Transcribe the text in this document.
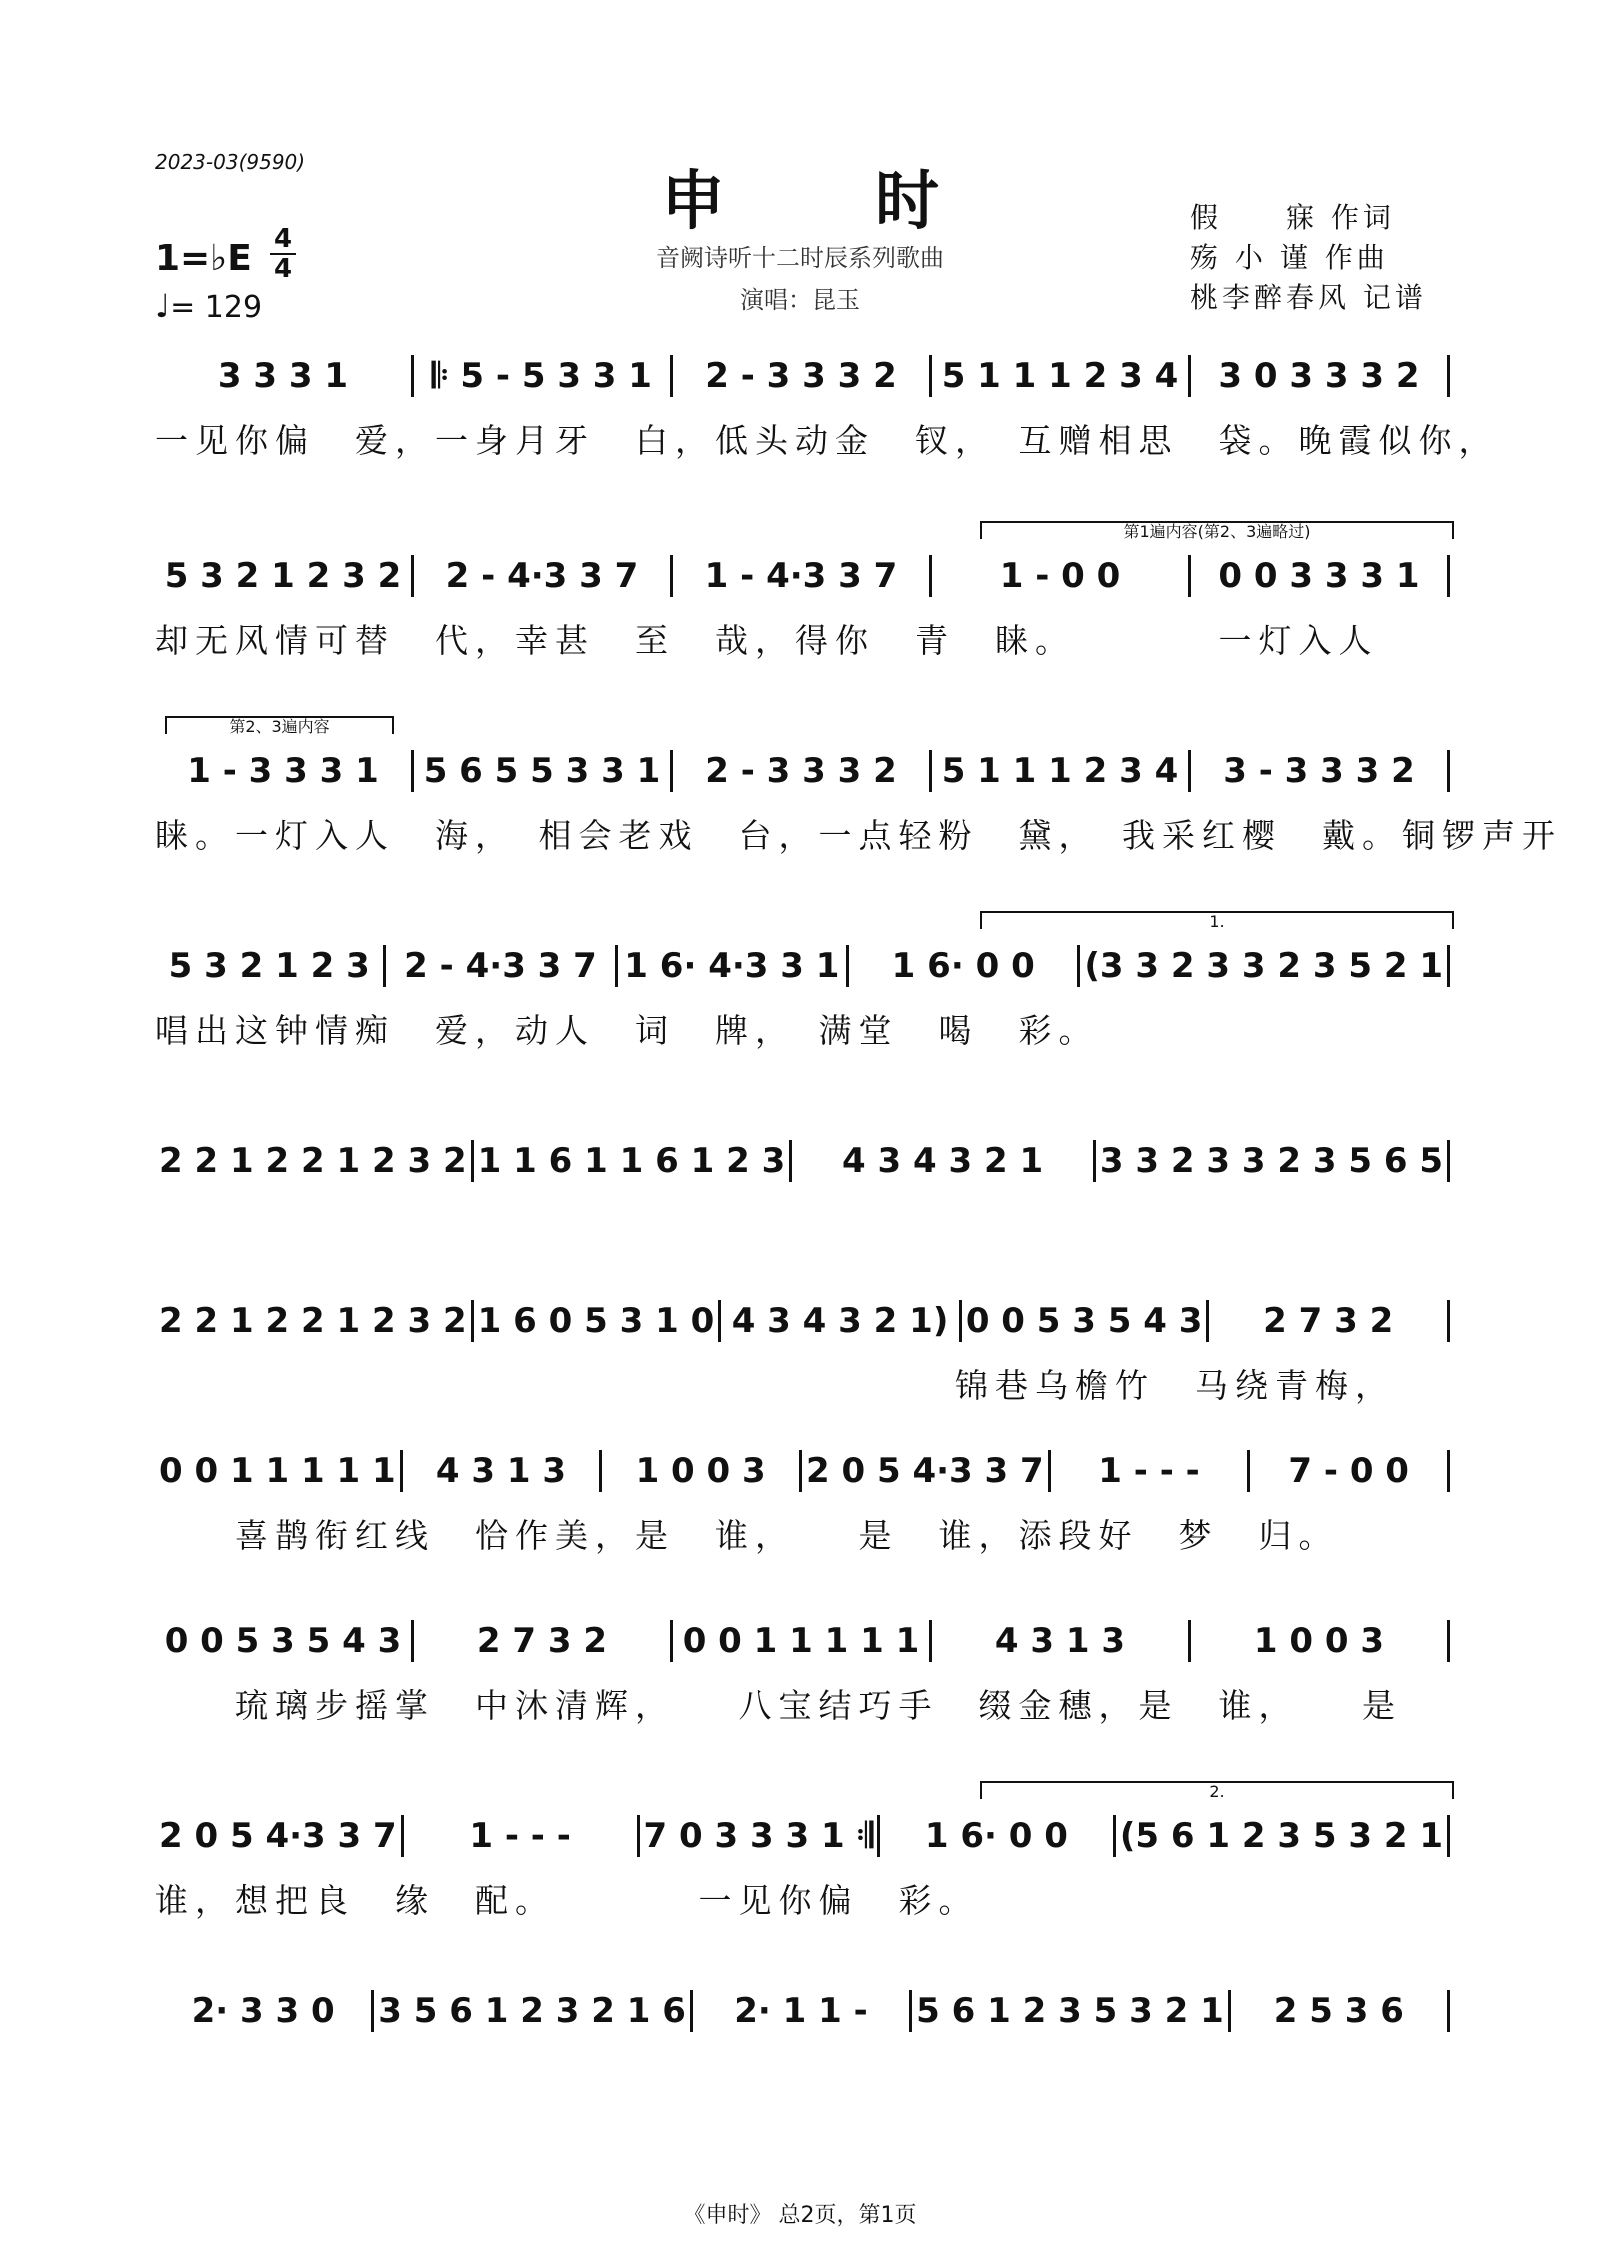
2023-03(9590)
申时
音阙诗听十二时辰系列歌曲
演唱：昆玉
假　　寐 作词
殇 小 谨 作曲
桃李醉春风 记谱
1=♭E 4
4
♩= 129
3 3 3 1	𝄆 5 - 5 3 3 1	2 - 3 3 3 2	5 1 1 1 2 3 4	3 0 3 3 3 2
一见你偏　爱，一身月牙　白，低头动金　钗，　互赠相思　袋。晚霞似你，
第1遍内容(第2、3遍略过)
5 3 2 1 2 3 2	2 - 4·3 3 7	1 - 4·3 3 7	1 - 0 0	0 0 3 3 3 1
却无风情可替　代，幸甚　至　哉，得你　青　睐。　　　　一灯入人
第2、3遍内容
1 - 3 3 3 1	5 6 5 5 3 3 1	2 - 3 3 3 2	5 1 1 1 2 3 4	3 - 3 3 3 2
睐。一灯入人　海，　相会老戏　台，一点轻粉　黛，　我采红樱　戴。铜锣声开
1.
5 3 2 1 2 3	2 - 4·3 3 7 1 6· 4·3 3 1	1 6· 0 0	(3 3 2 3 3 2 3 5 2 1
唱出这钟情痴　爱，动人　词　牌，　满堂　喝　彩。
2 2 1 2 2 1 2 3 2 1 1 6 1 1 6 1 2 3	4 3 4 3 2 1	3 3 2 3 3 2 3 5 6 5
2 2 1 2 2 1 2 3 2 1 6 0 5 3 1 0 4 3 4 3 2 1) 0 0 5 3 5 4 3	2 7 3 2
　　　　　　　　　　　　　　　　　　　　锦巷乌檐竹　马绕青梅，
0 0 1 1 1 1 1	4 3 1 3	1 0 0 3	2 0 5 4·3 3 7	1 - - -	7 - 0 0
　　喜鹊衔红线　恰作美，是　谁，　　是　谁，添段好　梦　归。
0 0 5 3 5 4 3	2 7 3 2	0 0 1 1 1 1 1	4 3 1 3	1 0 0 3
　　琉璃步摇掌　中沐清辉，　　八宝结巧手　缀金穗，是　谁，　　是
2.
2 0 5 4·3 3 7	1 - - -	7 0 3 3 3 1 𝄇	1 6· 0 0	(5 6 1 2 3 5 3 2 1
谁，想把良　缘　配。　　　　一见你偏　彩。
2· 3 3 0	3 5 6 1 2 3 2 1 6	2· 1 1 -	5 6 1 2 3 5 3 2 1	2 5 3 6
《申时》 总2页，第1页
